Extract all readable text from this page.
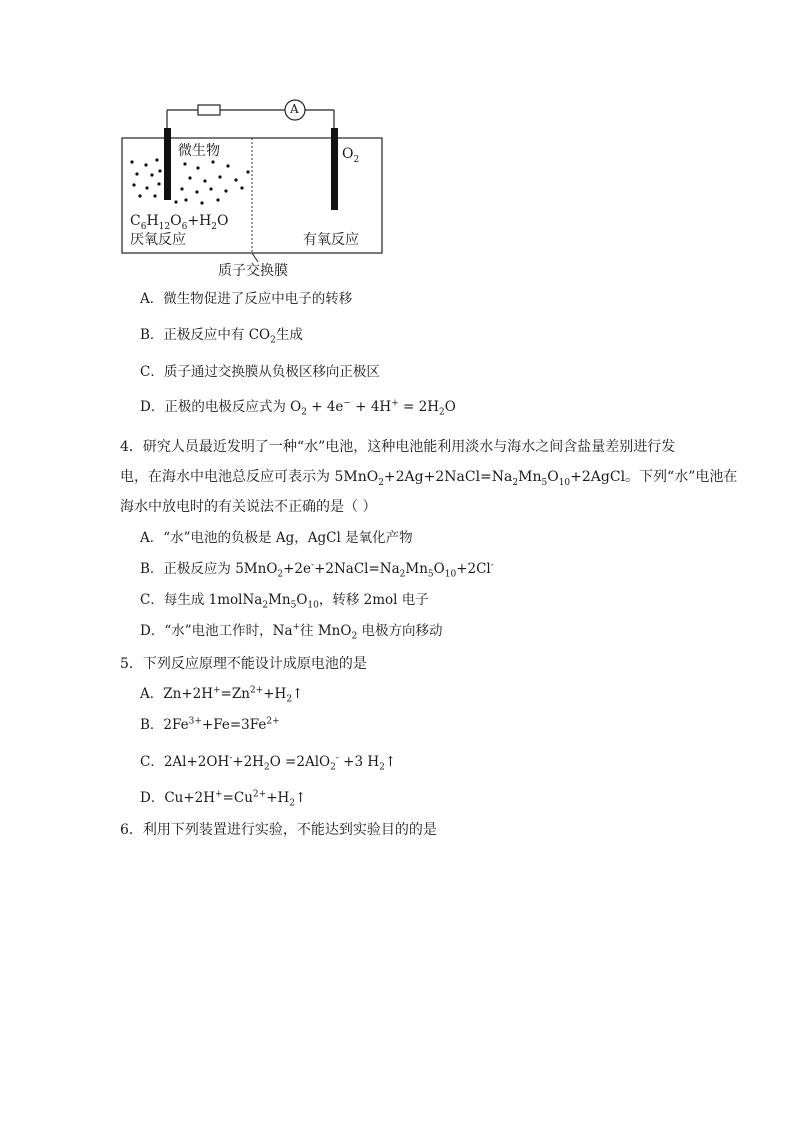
A
微生物	$O_2$
$C_6H_{12}O_6+H_2O$
厌氧反应	有氧反应
质子交换膜
A．微生物促进了反应中电子的转移
B．正极反应中有 $CO_2$生成
C．质子通过交换膜从负极区移向正极区
D．正极的电极反应式为 $O_2 + 4e^- + 4H^+ = 2H_2O$
4．研究人员最近发明了一种“水”电池，这种电池能利用淡水与海水之间含盐量差别进行发
电，在海水中电池总反应可表示为 $5MnO_2+2Ag+2NaCl=Na_2Mn_5O_{10}+2AgCl$。下列“水”电池在
海水中放电时的有关说法不正确的是（ ）
A．“水”电池的负极是 Ag，AgCl 是氧化产物
B．正极反应为 $5MnO_2+2e^-+2NaCl=Na_2Mn_5O_{10}+2Cl^-$
C．每生成 $1molNa_2Mn_5O_{10}$，转移 2mol 电子
D．“水”电池工作时，Na+往 MnO$_2$ 电极方向移动
5．下列反应原理不能设计成原电池的是
A．$Zn+2H^+=Zn^{2+}+H_2↑$
B．$2Fe^{3+}+Fe=3Fe^{2+}$
C．$2Al+2OH^-+2H_2O =2AlO_2^- +3$ $H_2↑$
D．$Cu+2H^+=Cu^{2+}+H_2↑$
6．利用下列装置进行实验，不能达到实验目的的是
